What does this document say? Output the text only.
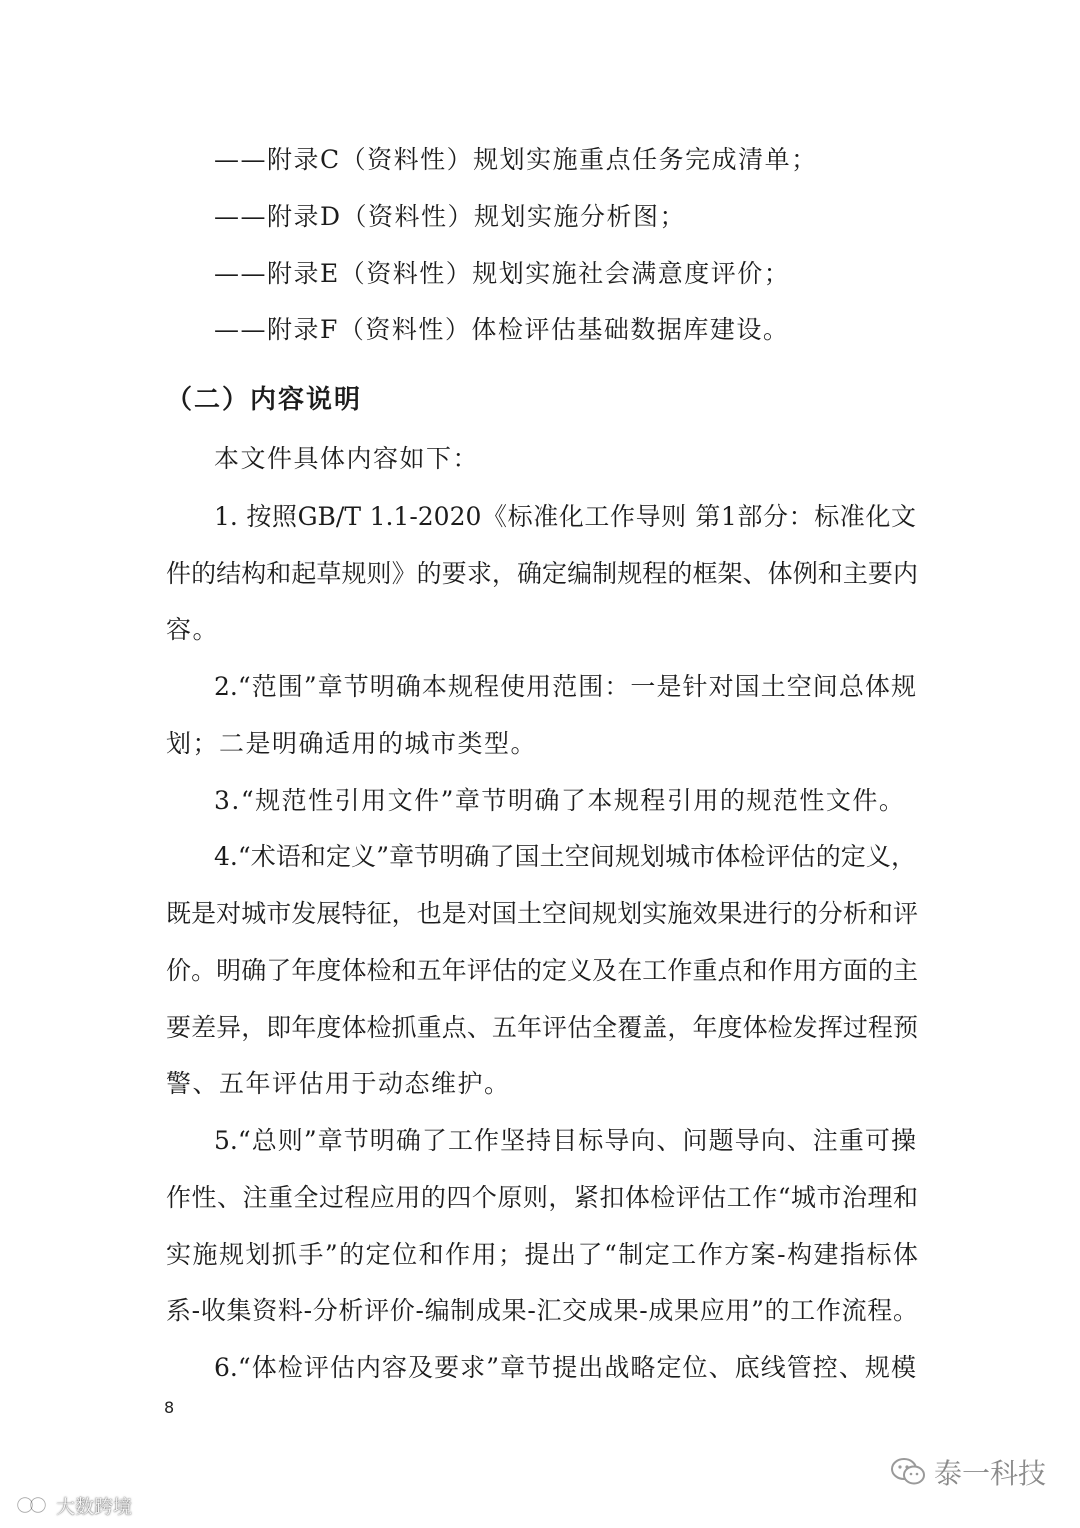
——附录C（资料性）规划实施重点任务完成清单；
——附录D（资料性）规划实施分析图；
——附录E（资料性）规划实施社会满意度评价；
——附录F（资料性）体检评估基础数据库建设。
（二）内容说明
本文件具体内容如下：
1. 按照GB/T 1.1-2020《标准化工作导则 第1部分：标准化文
件的结构和起草规则》的要求，确定编制规程的框架、体例和主要内
容。
2.“范围”章节明确本规程使用范围：一是针对国土空间总体规
划；二是明确适用的城市类型。
3.“规范性引用文件”章节明确了本规程引用的规范性文件。
4.“术语和定义”章节明确了国土空间规划城市体检评估的定义，
既是对城市发展特征，也是对国土空间规划实施效果进行的分析和评
价。明确了年度体检和五年评估的定义及在工作重点和作用方面的主
要差异，即年度体检抓重点、五年评估全覆盖，年度体检发挥过程预
警、五年评估用于动态维护。
5.“总则”章节明确了工作坚持目标导向、问题导向、注重可操
作性、注重全过程应用的四个原则，紧扣体检评估工作“城市治理和
实施规划抓手”的定位和作用；提出了“制定工作方案-构建指标体
系-收集资料-分析评价-编制成果-汇交成果-成果应用”的工作流程。
6.“体检评估内容及要求”章节提出战略定位、底线管控、规模
8
泰一科技
大数跨境
